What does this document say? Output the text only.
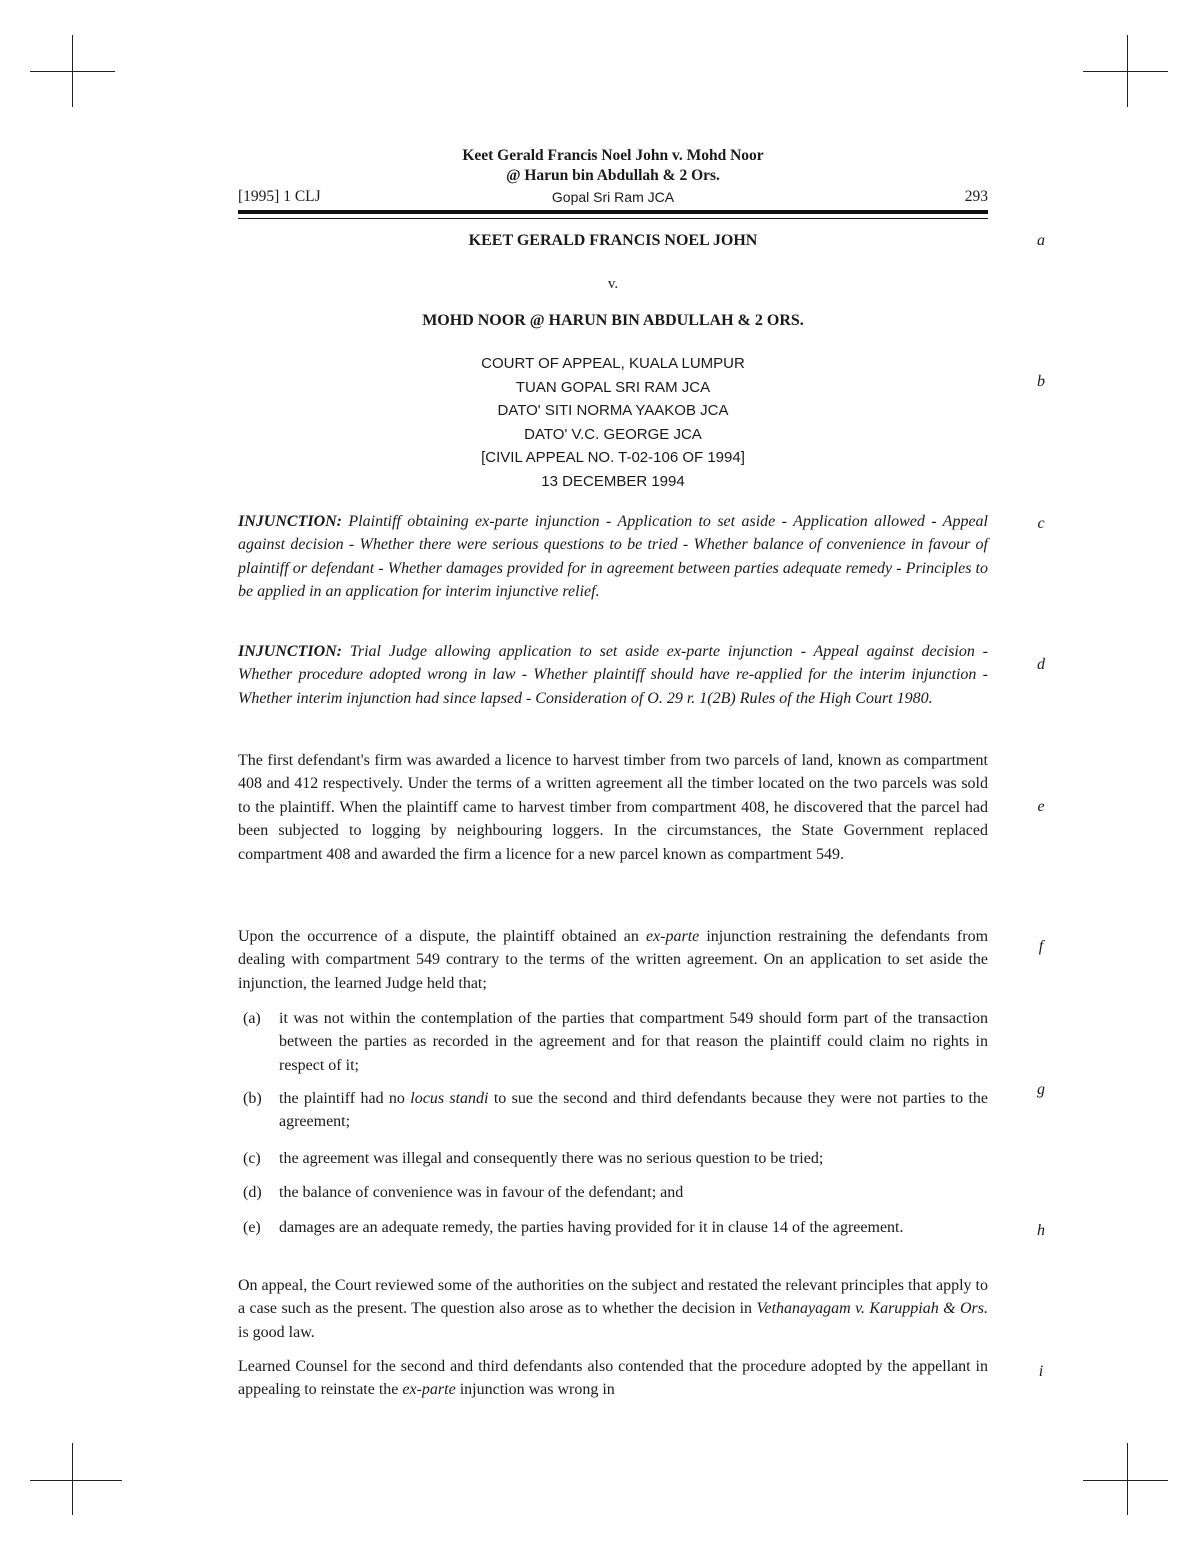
Keet Gerald Francis Noel John v. Mohd Noor
@ Harun bin Abdullah & 2 Ors.
[1995] 1 CLJ	Gopal Sri Ram JCA	293
KEET GERALD FRANCIS NOEL JOHN
v.
MOHD NOOR @ HARUN BIN ABDULLAH & 2 ORS.
COURT OF APPEAL, KUALA LUMPUR
TUAN GOPAL SRI RAM JCA
DATO' SITI NORMA YAAKOB JCA
DATO' V.C. GEORGE JCA
[CIVIL APPEAL NO. T-02-106 OF 1994]
13 DECEMBER 1994
INJUNCTION: Plaintiff obtaining ex-parte injunction - Application to set aside - Application allowed - Appeal against decision - Whether there were serious questions to be tried - Whether balance of convenience in favour of plaintiff or defendant - Whether damages provided for in agreement between parties adequate remedy - Principles to be applied in an application for interim injunctive relief.
INJUNCTION: Trial Judge allowing application to set aside ex-parte injunction - Appeal against decision - Whether procedure adopted wrong in law - Whether plaintiff should have re-applied for the interim injunction - Whether interim injunction had since lapsed - Consideration of O. 29 r. 1(2B) Rules of the High Court 1980.
The first defendant's firm was awarded a licence to harvest timber from two parcels of land, known as compartment 408 and 412 respectively. Under the terms of a written agreement all the timber located on the two parcels was sold to the plaintiff. When the plaintiff came to harvest timber from compartment 408, he discovered that the parcel had been subjected to logging by neighbouring loggers. In the circumstances, the State Government replaced compartment 408 and awarded the firm a licence for a new parcel known as compartment 549.
Upon the occurrence of a dispute, the plaintiff obtained an ex-parte injunction restraining the defendants from dealing with compartment 549 contrary to the terms of the written agreement. On an application to set aside the injunction, the learned Judge held that;
(a) it was not within the contemplation of the parties that compartment 549 should form part of the transaction between the parties as recorded in the agreement and for that reason the plaintiff could claim no rights in respect of it;
(b) the plaintiff had no locus standi to sue the second and third defendants because they were not parties to the agreement;
(c) the agreement was illegal and consequently there was no serious question to be tried;
(d) the balance of convenience was in favour of the defendant; and
(e) damages are an adequate remedy, the parties having provided for it in clause 14 of the agreement.
On appeal, the Court reviewed some of the authorities on the subject and restated the relevant principles that apply to a case such as the present. The question also arose as to whether the decision in Vethanayagam v. Karuppiah & Ors. is good law.
Learned Counsel for the second and third defendants also contended that the procedure adopted by the appellant in appealing to reinstate the ex-parte injunction was wrong in
a
b
c
d
e
f
g
h
i
